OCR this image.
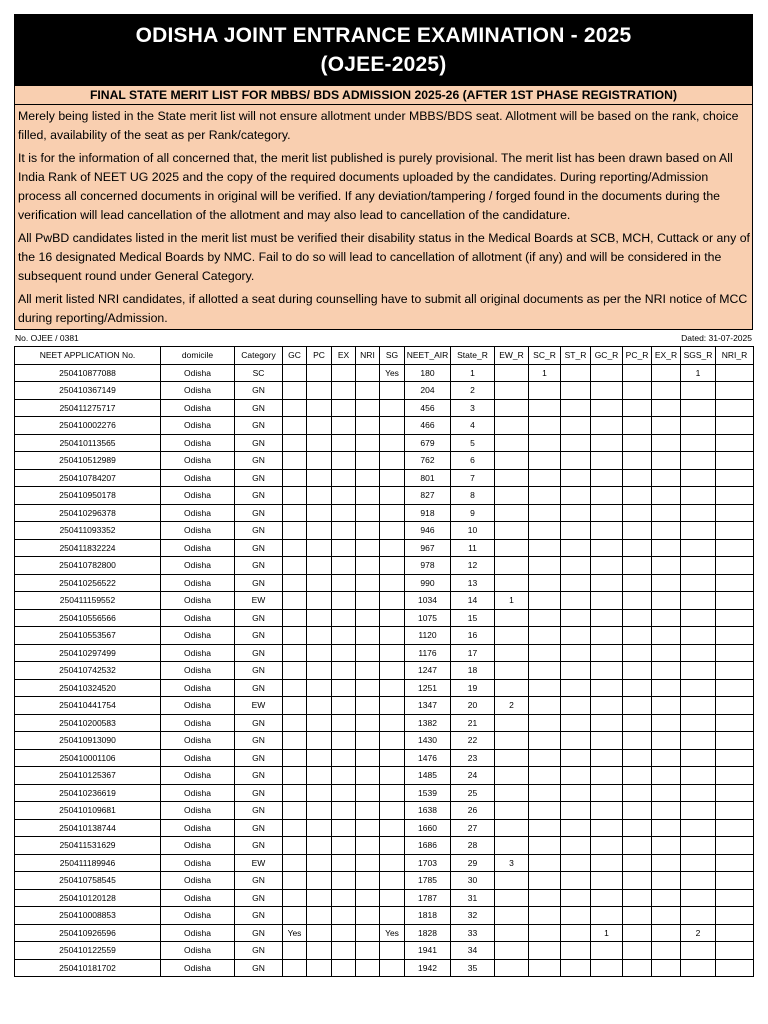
ODISHA JOINT ENTRANCE EXAMINATION - 2025
(OJEE-2025)
FINAL STATE MERIT LIST FOR MBBS/ BDS ADMISSION 2025-26 (AFTER 1ST PHASE REGISTRATION)
Merely being listed in the State merit list will not ensure allotment under MBBS/BDS seat. Allotment will be based on the rank, choice filled, availability of the seat as per Rank/category.
It is for the information of all concerned that, the merit list published is purely provisional. The merit list has been drawn based on All India Rank of NEET UG 2025 and the copy of the required documents uploaded by the candidates. During reporting/Admission process all concerned documents in original will be verified. If any deviation/tampering / forged found in the documents during the verification will lead cancellation of the allotment and may also lead to cancellation of the candidature.
All PwBD candidates listed in the merit list must be verified their disability status in the Medical Boards at SCB, MCH, Cuttack or any of the 16 designated Medical Boards by NMC. Fail to do so will lead to cancellation of allotment (if any) and will be considered in the subsequent round under General Category.
All merit listed NRI candidates, if allotted a seat during counselling have to submit all original documents as per the NRI notice of MCC during reporting/Admission.
No. OJEE / 0381	Dated: 31-07-2025
NEET APPLICATION No.	domicile	Category	GC	PC	EX	NRI	SG	NEET_AIR	State_R	EW_R	SC_R	ST_R	GC_R	PC_R	EX_R	SGS_R	NRI_R
250410877088	Odisha	SC					Yes	180	1		1					1	
250410367149	Odisha	GN						204	2								
250411275717	Odisha	GN						456	3								
250410002276	Odisha	GN						466	4								
250410113565	Odisha	GN						679	5								
250410512989	Odisha	GN						762	6								
250410784207	Odisha	GN						801	7								
250410950178	Odisha	GN						827	8								
250410296378	Odisha	GN						918	9								
250411093352	Odisha	GN						946	10								
250411832224	Odisha	GN						967	11								
250410782800	Odisha	GN						978	12								
250410256522	Odisha	GN						990	13								
250411159552	Odisha	EW						1034	14	1							
250410556566	Odisha	GN						1075	15								
250410553567	Odisha	GN						1120	16								
250410297499	Odisha	GN						1176	17								
250410742532	Odisha	GN						1247	18								
250410324520	Odisha	GN						1251	19								
250410441754	Odisha	EW						1347	20	2							
250410200583	Odisha	GN						1382	21								
250410913090	Odisha	GN						1430	22								
250410001106	Odisha	GN						1476	23								
250410125367	Odisha	GN						1485	24								
250410236619	Odisha	GN						1539	25								
250410109681	Odisha	GN						1638	26								
250410138744	Odisha	GN						1660	27								
250411531629	Odisha	GN						1686	28								
250411189946	Odisha	EW						1703	29	3							
250410758545	Odisha	GN						1785	30								
250410120128	Odisha	GN						1787	31								
250410008853	Odisha	GN						1818	32								
250410926596	Odisha	GN	Yes				Yes	1828	33				1			2	
250410122559	Odisha	GN						1941	34								
250410181702	Odisha	GN						1942	35								
